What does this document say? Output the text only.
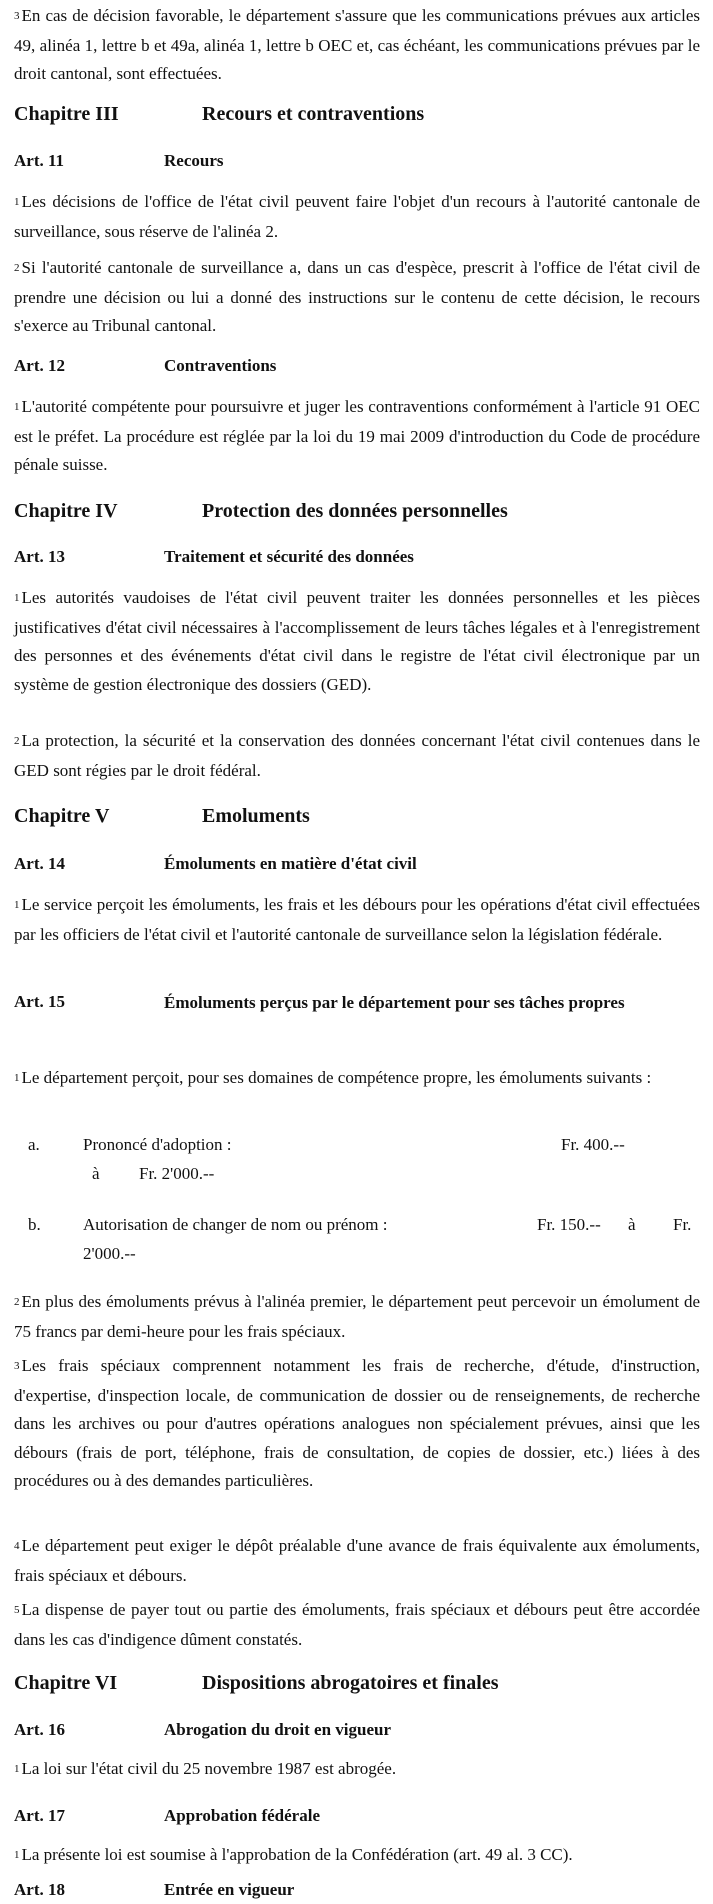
$^3$ En cas de décision favorable, le département s'assure que les communications prévues aux articles 49, alinéa 1, lettre b et 49a, alinéa 1, lettre b OEC et, cas échéant, les communications prévues par le droit cantonal, sont effectuées.

Chapitre III	Recours et contraventions
Art. 11	Recours

$^1$ Les décisions de l'office de l'état civil peuvent faire l'objet d'un recours à l'autorité cantonale de surveillance, sous réserve de l'alinéa 2.

$^2$ Si l'autorité cantonale de surveillance a, dans un cas d'espèce, prescrit à l'office de l'état civil de prendre une décision ou lui a donné des instructions sur le contenu de cette décision, le recours s'exerce au Tribunal cantonal.

Art. 12	Contraventions

$^1$ L'autorité compétente pour poursuivre et juger les contraventions conformément à l'article 91 OEC est le préfet. La procédure est réglée par la loi du 19 mai 2009 d'introduction du Code de procédure pénale suisse.

Chapitre IV	Protection des données personnelles
Art. 13	Traitement et sécurité des données

$^1$ Les autorités vaudoises de l'état civil peuvent traiter les données personnelles et les pièces justificatives d'état civil nécessaires à l'accomplissement de leurs tâches légales et à l'enregistrement des personnes et des événements d'état civil dans le registre de l'état civil électronique par un système de gestion électronique des dossiers (GED).

$^2$ La protection, la sécurité et la conservation des données concernant l'état civil contenues dans le GED sont régies par le droit fédéral.

Chapitre V	Emoluments
Art. 14	Émoluments en matière d'état civil

$^1$ Le service perçoit les émoluments, les frais et les débours pour les opérations d'état civil effectuées par les officiers de l'état civil et l'autorité cantonale de surveillance selon la législation fédérale.

Art. 15	Émoluments perçus par le département pour ses tâches propres

$^1$ Le département perçoit, pour ses domaines de compétence propre, les émoluments suivants :

a.	Prononcé d'adoption :	Fr. 400.--
à Fr. 2'000.--
b. Autorisation de changer de nom ou prénom :	Fr. 150.-- à Fr.
2'000.--

$^2$ En plus des émoluments prévus à l'alinéa premier, le département peut percevoir un émolument de 75 francs par demi-heure pour les frais spéciaux.

$^3$ Les frais spéciaux comprennent notamment les frais de recherche, d'étude, d'instruction, d'expertise, d'inspection locale, de communication de dossier ou de renseignements, de recherche dans les archives ou pour d'autres opérations analogues non spécialement prévues, ainsi que les débours (frais de port, téléphone, frais de consultation, de copies de dossier, etc.) liées à des procédures ou à des demandes particulières.

$^4$ Le département peut exiger le dépôt préalable d'une avance de frais équivalente aux émoluments, frais spéciaux et débours.

$^5$ La dispense de payer tout ou partie des émoluments, frais spéciaux et débours peut être accordée dans les cas d'indigence dûment constatés.

Chapitre VI	Dispositions abrogatoires et finales
Art. 16	Abrogation du droit en vigueur

$^1$ La loi sur l'état civil du 25 novembre 1987 est abrogée.

Art. 17	Approbation fédérale

$^1$ La présente loi est soumise à l'approbation de la Confédération (art. 49 al. 3 CC).

Art. 18	Entrée en vigueur
